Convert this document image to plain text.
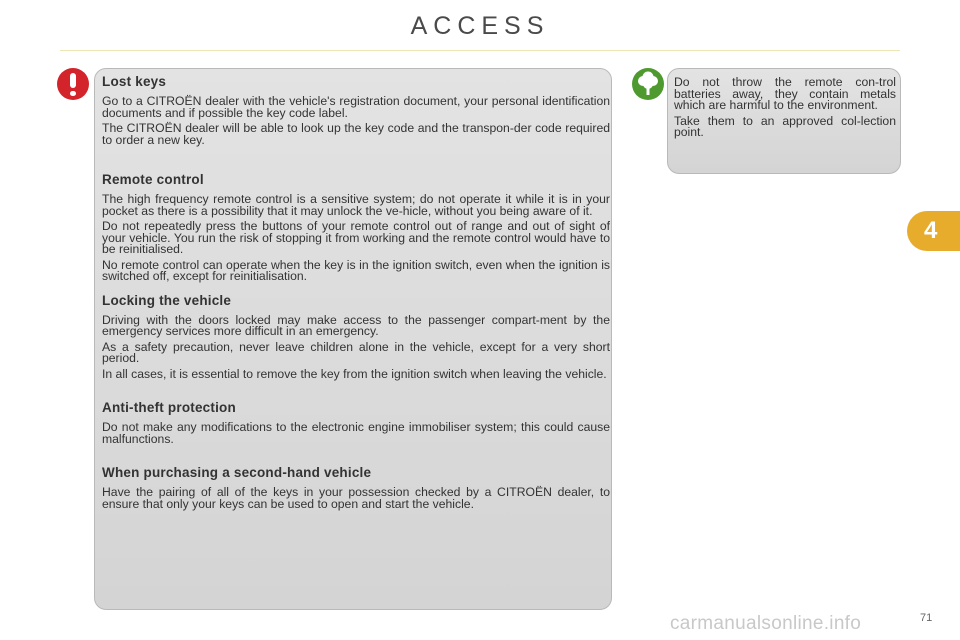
ACCESS
Lost keys

Go to a CITROËN dealer with the vehicle's registration document, your personal identification documents and if possible the key code label.

The CITROËN dealer will be able to look up the key code and the transpon-der code required to order a new key.

Remote control

The high frequency remote control is a sensitive system; do not operate it while it is in your pocket as there is a possibility that it may unlock the ve-hicle, without you being aware of it.

Do not repeatedly press the buttons of your remote control out of range and out of sight of your vehicle. You run the risk of stopping it from working and the remote control would have to be reinitialised.

No remote control can operate when the key is in the ignition switch, even when the ignition is switched off, except for reinitialisation.

Locking the vehicle

Driving with the doors locked may make access to the passenger compart-ment by the emergency services more difficult in an emergency.

As a safety precaution, never leave children alone in the vehicle, except for a very short period.

In all cases, it is essential to remove the key from the ignition switch when leaving the vehicle.

Anti-theft protection

Do not make any modifications to the electronic engine immobiliser system; this could cause malfunctions.

When purchasing a second-hand vehicle

Have the pairing of all of the keys in your possession checked by a CITROËN dealer, to ensure that only your keys can be used to open and start the vehicle.

Do not throw the remote con-trol batteries away, they contain metals which are harmful to the environment.

Take them to an approved col-lection point.

4
carmanualsonline.info	71
